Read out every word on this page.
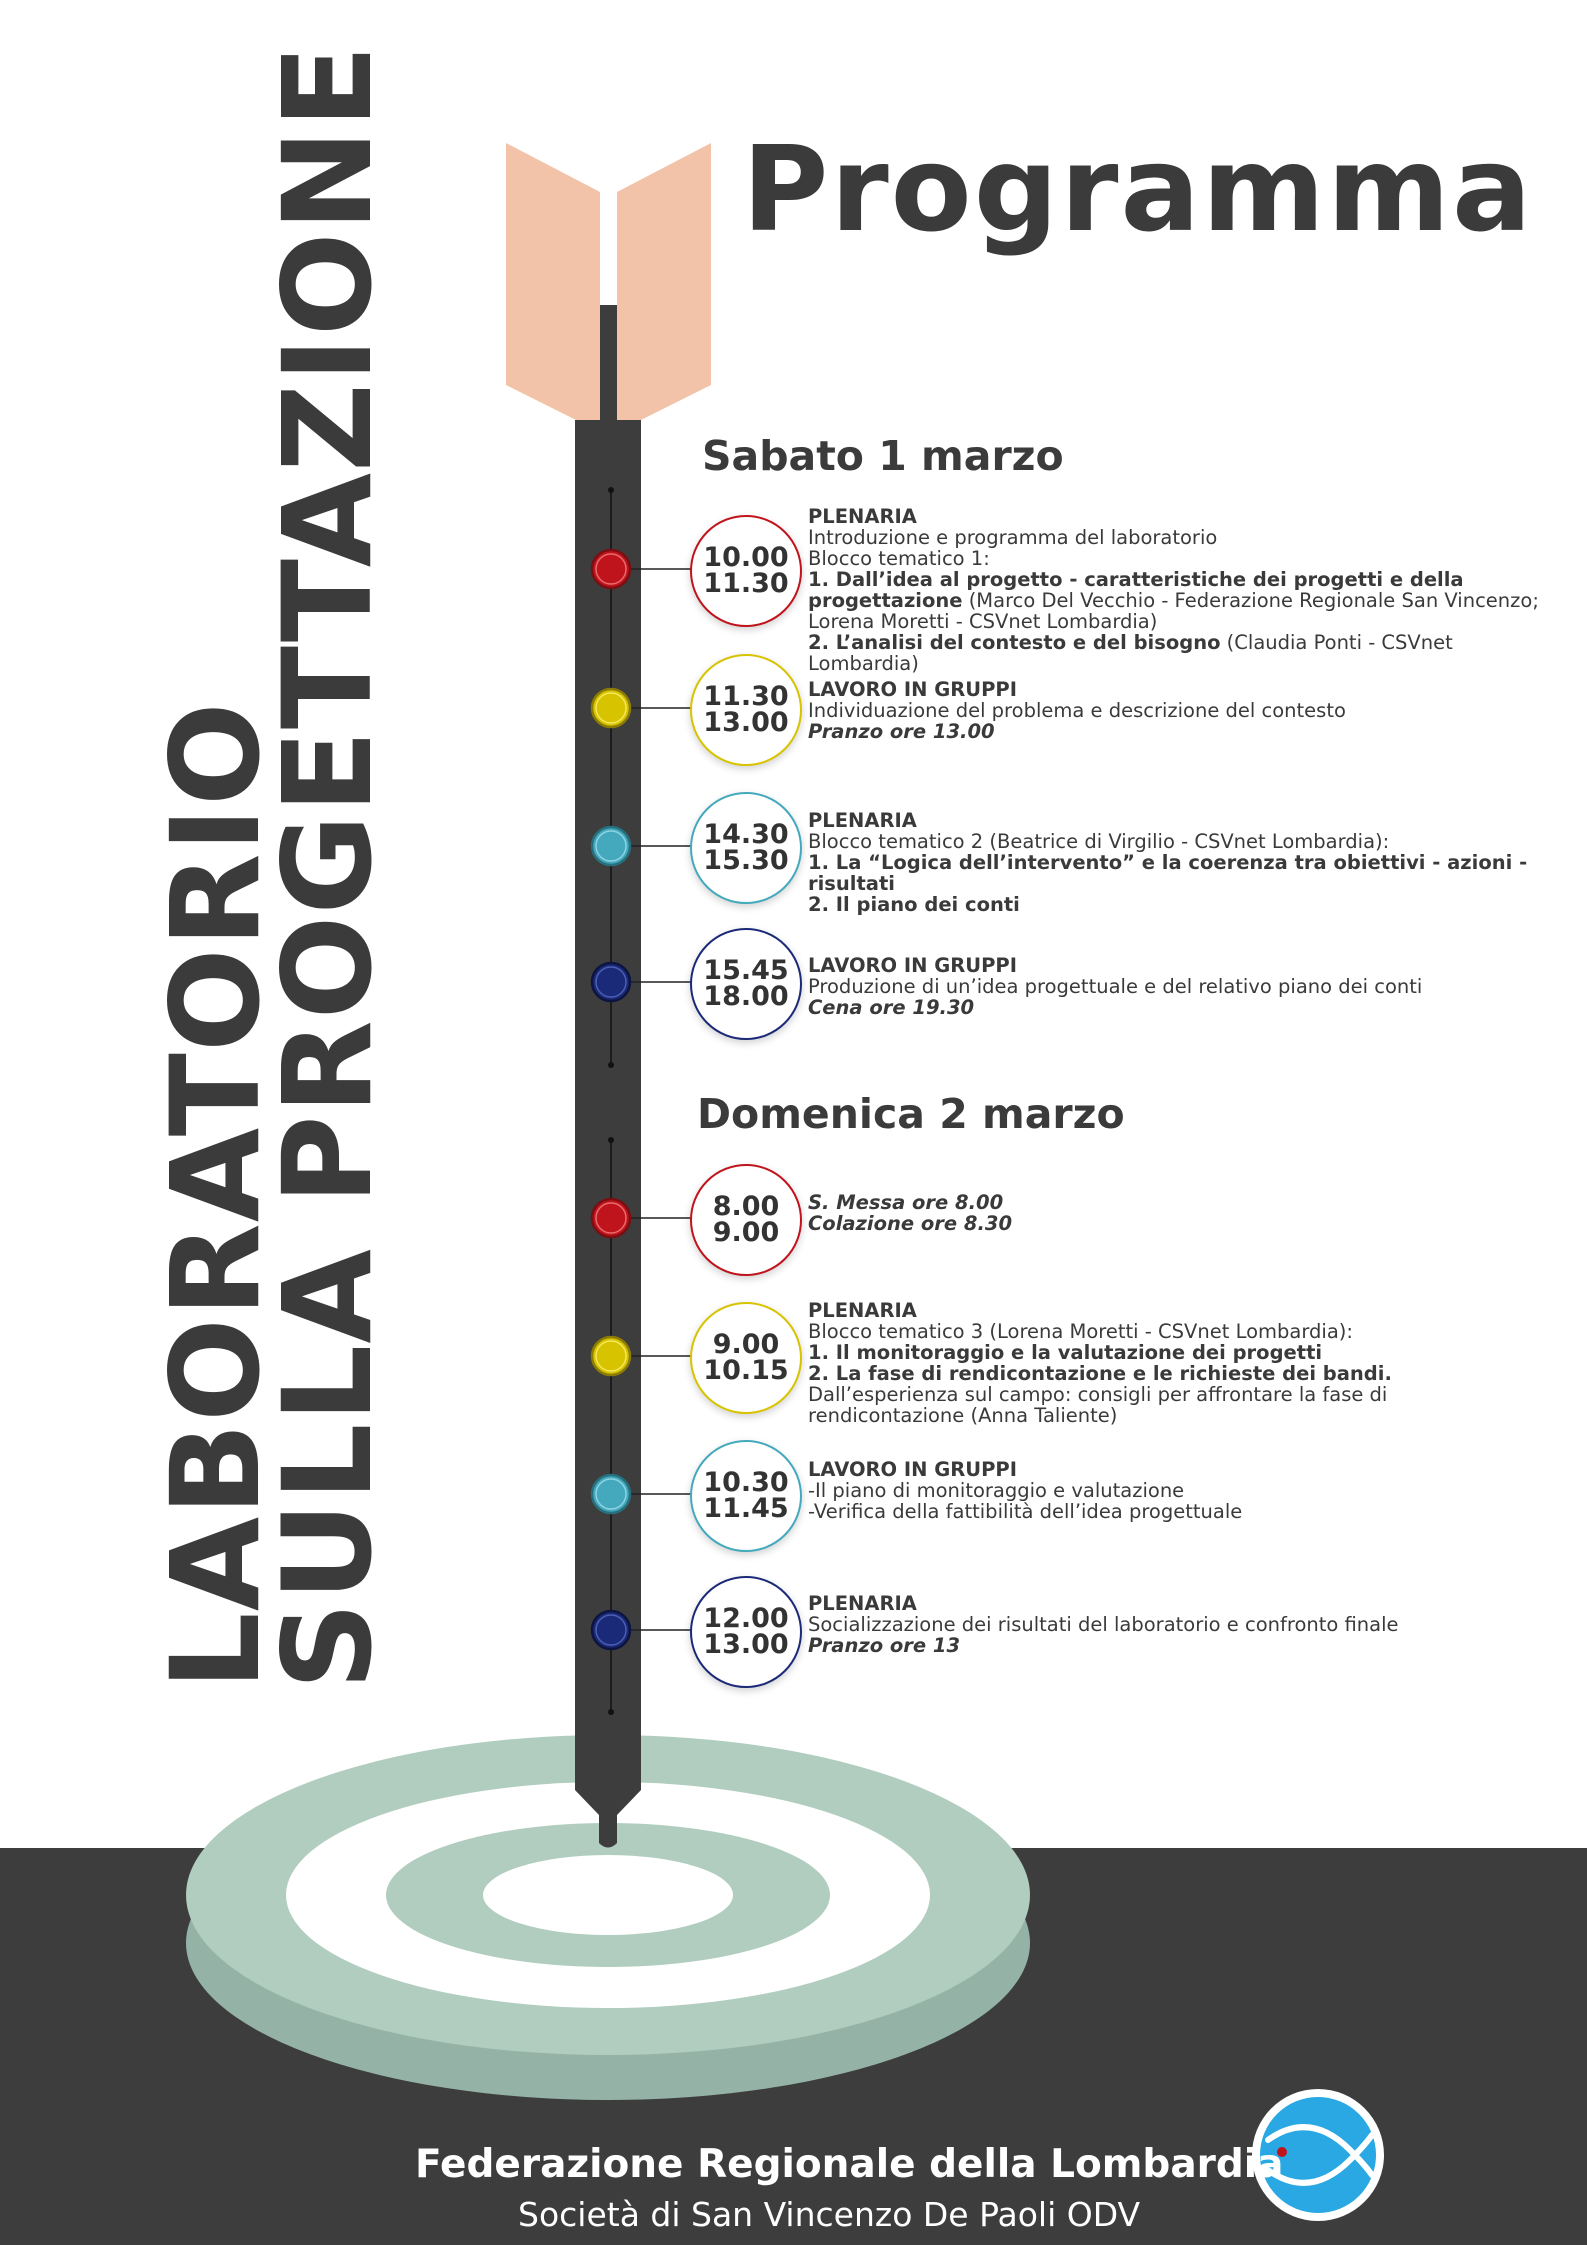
LABORATORIO
SULLA PROGETTAZIONE	Programma
Sabato 1 marzo
10.00
11.30
PLENARIA
Introduzione e programma del laboratorio
Blocco tematico 1:
1. Dall’idea al progetto - caratteristiche dei progetti e della
progettazione (Marco Del Vecchio - Federazione Regionale San Vincenzo;
Lorena Moretti - CSVnet Lombardia)
2. L’analisi del contesto e del bisogno (Claudia Ponti - CSVnet Lombardia)
11.30
13.00
LAVORO IN GRUPPI
Individuazione del problema e descrizione del contesto
Pranzo ore 13.00
14.30
15.30
PLENARIA
Blocco tematico 2 (Beatrice di Virgilio - CSVnet Lombardia):
1. La “Logica dell’intervento” e la coerenza tra obiettivi - azioni - risultati
2. Il piano dei conti
15.45
18.00
LAVORO IN GRUPPI
Produzione di un’idea progettuale e del relativo piano dei conti
Cena ore 19.30
Domenica 2 marzo
8.00
9.00
S. Messa ore 8.00
Colazione ore 8.30
9.00
10.15
PLENARIA
Blocco tematico 3 (Lorena Moretti - CSVnet Lombardia):
1. Il monitoraggio e la valutazione dei progetti
2. La fase di rendicontazione e le richieste dei bandi.
Dall’esperienza sul campo: consigli per affrontare la fase di
rendicontazione (Anna Taliente)
10.30
11.45
LAVORO IN GRUPPI
-Il piano di monitoraggio e valutazione
-Verifica della fattibilità dell’idea progettuale
12.00
13.00
PLENARIA
Socializzazione dei risultati del laboratorio e confronto finale
Pranzo ore 13
Federazione Regionale della Lombardia
Società di San Vincenzo De Paoli ODV
